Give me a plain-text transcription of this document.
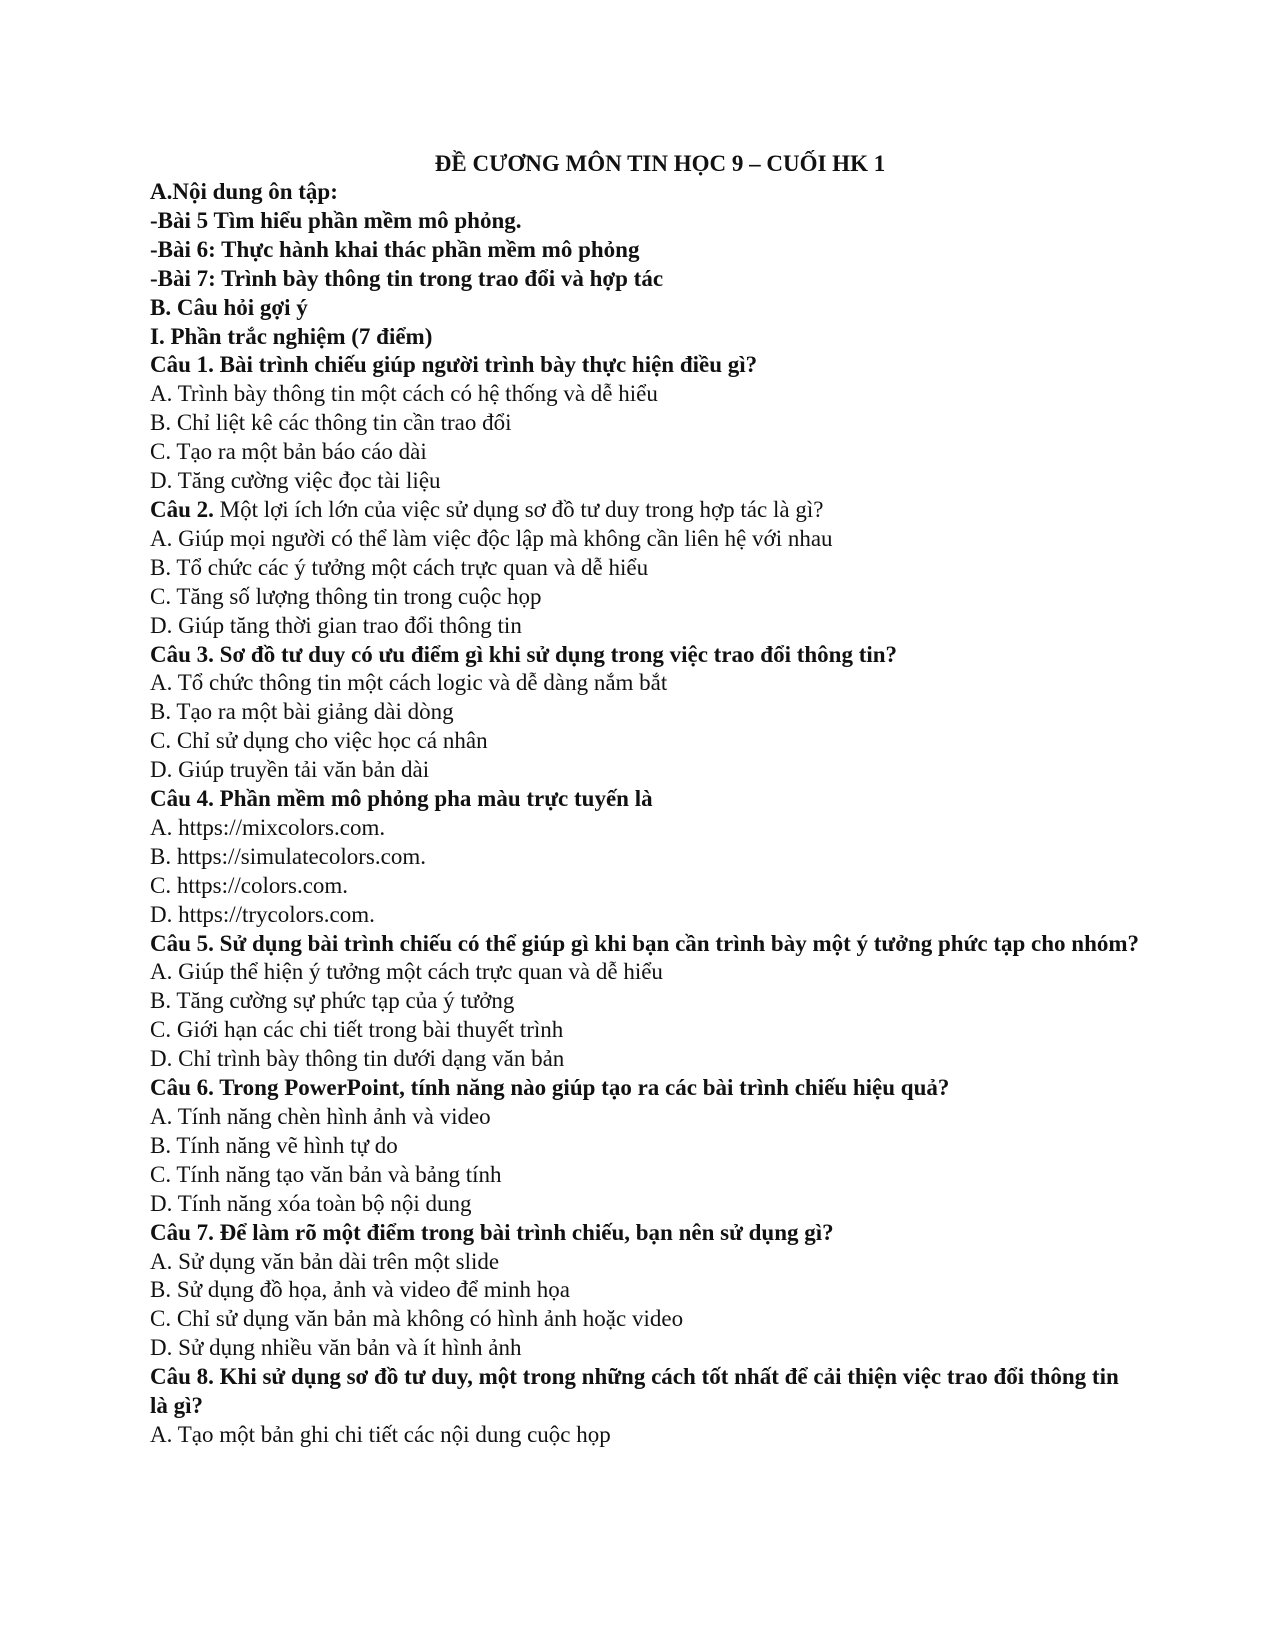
ĐỀ CƯƠNG MÔN TIN HỌC 9 – CUỐI HK 1

A.Nội dung ôn tập:

-Bài 5 Tìm hiểu phần mềm mô phỏng.

-Bài 6: Thực hành khai thác phần mềm mô phỏng

-Bài 7: Trình bày thông tin trong trao đổi và hợp tác

B. Câu hỏi gợi ý

I. Phần trắc nghiệm (7 điểm)

Câu 1. Bài trình chiếu giúp người trình bày thực hiện điều gì?

A. Trình bày thông tin một cách có hệ thống và dễ hiểu

B. Chỉ liệt kê các thông tin cần trao đổi

C. Tạo ra một bản báo cáo dài

D. Tăng cường việc đọc tài liệu

Câu 2. Một lợi ích lớn của việc sử dụng sơ đồ tư duy trong hợp tác là gì?

A. Giúp mọi người có thể làm việc độc lập mà không cần liên hệ với nhau

B. Tổ chức các ý tưởng một cách trực quan và dễ hiểu

C. Tăng số lượng thông tin trong cuộc họp

D. Giúp tăng thời gian trao đổi thông tin

Câu 3. Sơ đồ tư duy có ưu điểm gì khi sử dụng trong việc trao đổi thông tin?

A. Tổ chức thông tin một cách logic và dễ dàng nắm bắt

B. Tạo ra một bài giảng dài dòng

C. Chỉ sử dụng cho việc học cá nhân

D. Giúp truyền tải văn bản dài

Câu 4. Phần mềm mô phỏng pha màu trực tuyến là

A. https://mixcolors.com.

B. https://simulatecolors.com.

C. https://colors.com.

D. https://trycolors.com.

Câu 5. Sử dụng bài trình chiếu có thể giúp gì khi bạn cần trình bày một ý tưởng phức tạp cho nhóm?

A. Giúp thể hiện ý tưởng một cách trực quan và dễ hiểu

B. Tăng cường sự phức tạp của ý tưởng

C. Giới hạn các chi tiết trong bài thuyết trình

D. Chỉ trình bày thông tin dưới dạng văn bản

Câu 6. Trong PowerPoint, tính năng nào giúp tạo ra các bài trình chiếu hiệu quả?

A. Tính năng chèn hình ảnh và video

B. Tính năng vẽ hình tự do

C. Tính năng tạo văn bản và bảng tính

D. Tính năng xóa toàn bộ nội dung

Câu 7. Để làm rõ một điểm trong bài trình chiếu, bạn nên sử dụng gì?

A. Sử dụng văn bản dài trên một slide

B. Sử dụng đồ họa, ảnh và video để minh họa

C. Chỉ sử dụng văn bản mà không có hình ảnh hoặc video

D. Sử dụng nhiều văn bản và ít hình ảnh

Câu 8. Khi sử dụng sơ đồ tư duy, một trong những cách tốt nhất để cải thiện việc trao đổi thông tin là gì?

A. Tạo một bản ghi chi tiết các nội dung cuộc họp
